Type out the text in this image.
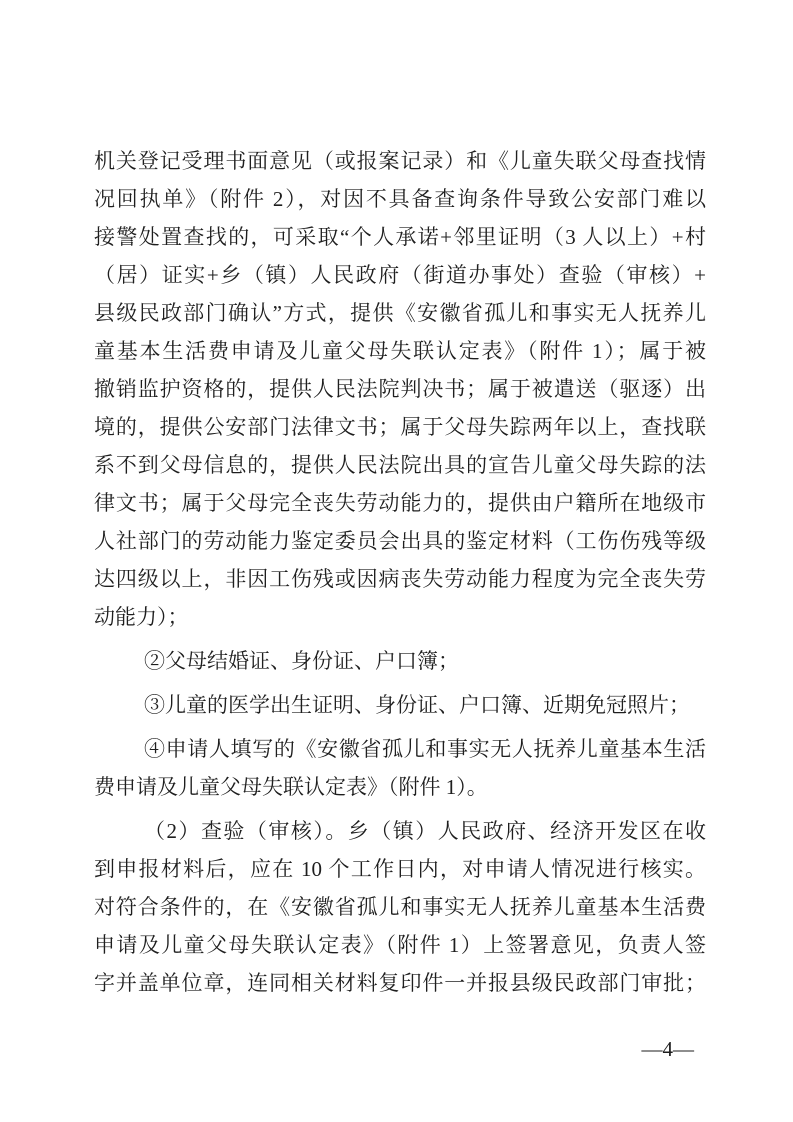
机关登记受理书面意见（或报案记录）和《儿童失联父母查找情
况回执单》（附件 2），对因不具备查询条件导致公安部门难以
接警处置查找的，可采取“个人承诺+邻里证明（3 人以上）+村
（居）证实+乡（镇）人民政府（街道办事处）查验（审核）+
县级民政部门确认”方式，提供《安徽省孤儿和事实无人抚养儿
童基本生活费申请及儿童父母失联认定表》（附件 1）；属于被
撤销监护资格的，提供人民法院判决书；属于被遣送（驱逐）出
境的，提供公安部门法律文书；属于父母失踪两年以上，查找联
系不到父母信息的，提供人民法院出具的宣告儿童父母失踪的法
律文书；属于父母完全丧失劳动能力的，提供由户籍所在地级市
人社部门的劳动能力鉴定委员会出具的鉴定材料（工伤伤残等级
达四级以上，非因工伤残或因病丧失劳动能力程度为完全丧失劳
动能力）；
②父母结婚证、身份证、户口簿；
③儿童的医学出生证明、身份证、户口簿、近期免冠照片；
④申请人填写的《安徽省孤儿和事实无人抚养儿童基本生活
费申请及儿童父母失联认定表》（附件 1）。
（2）查验（审核）。乡（镇）人民政府、经济开发区在收
到申报材料后，应在 10 个工作日内，对申请人情况进行核实。
对符合条件的，在《安徽省孤儿和事实无人抚养儿童基本生活费
申请及儿童父母失联认定表》（附件 1）上签署意见，负责人签
字并盖单位章，连同相关材料复印件一并报县级民政部门审批；
—4—
